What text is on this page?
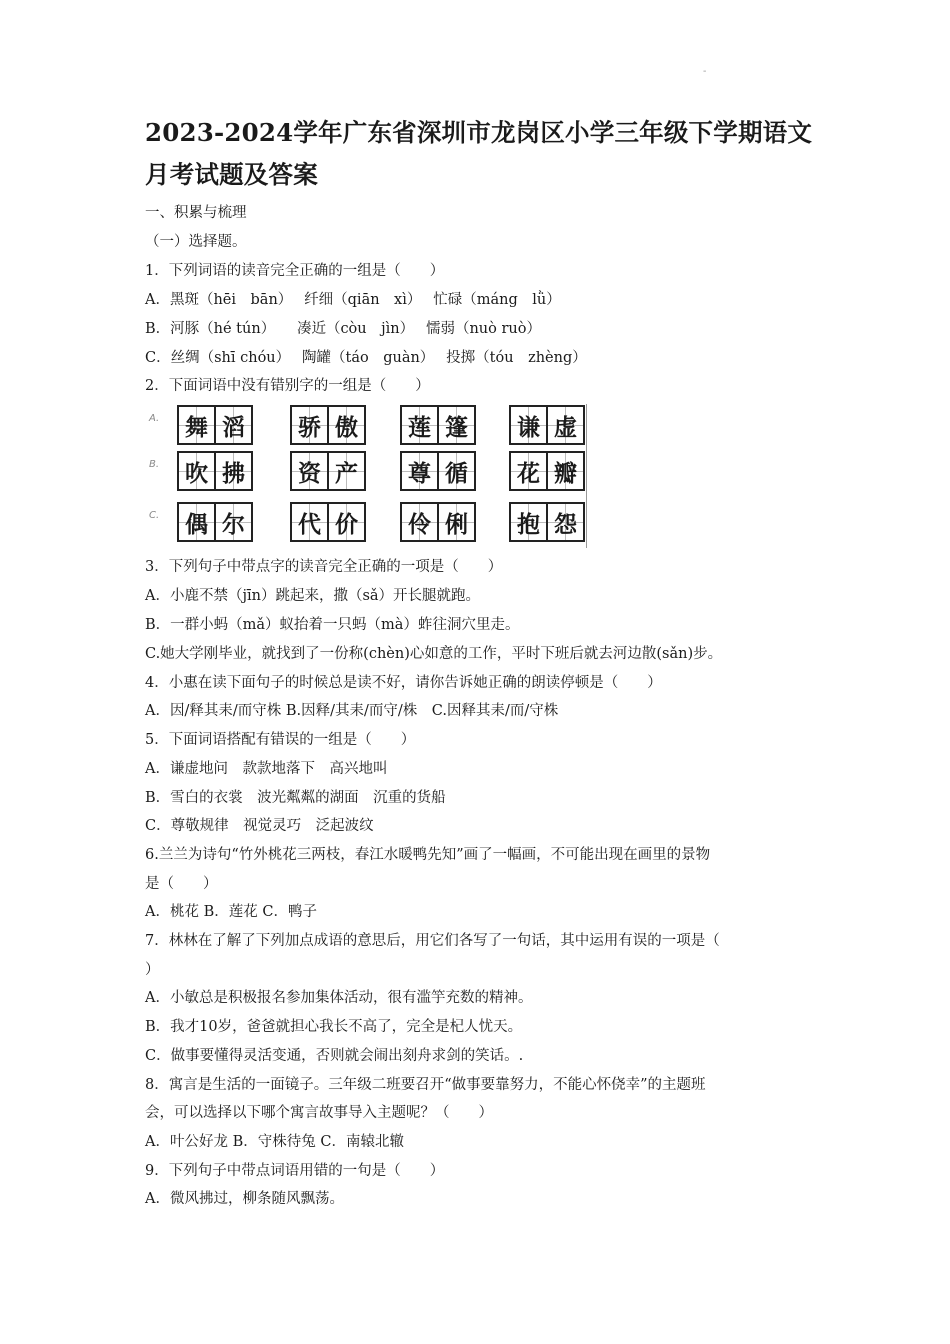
-
2023-2024学年广东省深圳市龙岗区小学三年级下学期语文月考试题及答案
一、积累与梳理
（一）选择题。
1．下列词语的读音完全正确的一组是（　　）
A．黑斑（hēi　bān）　 纤细（qiān　xì）　 忙碌（máng　lǜ）
B．河豚（hé tún）　　凑近（còu　jìn）　 懦弱（nuò ruò）
C．丝绸（shī chóu）　 陶罐（táo　guàn）　 投掷（tóu　zhèng）
2．下面词语中没有错别字的一组是（　　）
A. 舞 滔 骄 傲 莲 篷 谦 虚
B. 吹 拂 资 产 尊 循 花 瓣
C. 偶 尔 代 价 伶 俐 抱 怨
3．下列句子中带点字的读音完全正确的一项是（　　）
A．小鹿不禁（jīn）跳起来，撒（sǎ）开长腿就跑。
B．一群小蚂（mǎ）蚁抬着一只蚂（mà）蚱往洞穴里走。
C.她大学刚毕业，就找到了一份称(chèn)心如意的工作，平时下班后就去河边散(sǎn)步。
4．小惠在读下面句子的时候总是读不好，请你告诉她正确的朗读停顿是（　　）
A．因/释其耒/而守株 B.因释/其耒/而守/株　C.因释其耒/而/守株
5．下面词语搭配有错误的一组是（　　）
A．谦虚地问　款款地落下　高兴地叫
B．雪白的衣裳　波光粼粼的湖面　沉重的货船
C．尊敬规律　视觉灵巧　泛起波纹
6.兰兰为诗句“竹外桃花三两枝，春江水暖鸭先知”画了一幅画，不可能出现在画里的景物
是（　　）
A．桃花 B．莲花 C．鸭子
7．林林在了解了下列加点成语的意思后，用它们各写了一句话，其中运用有误的一项是（
）
A．小敏总是积极报名参加集体活动，很有滥竽充数的精神。
B．我才10岁，爸爸就担心我长不高了，完全是杞人忧天。
C．做事要懂得灵活变通，否则就会闹出刻舟求剑的笑话。.
8．寓言是生活的一面镜子。三年级二班要召开“做事要靠努力，不能心怀侥幸”的主题班
会，可以选择以下哪个寓言故事导入主题呢？（　　）
A．叶公好龙 B．守株待兔 C．南辕北辙
9．下列句子中带点词语用错的一句是（　　）
A．微风拂过，柳条随风飘荡。
